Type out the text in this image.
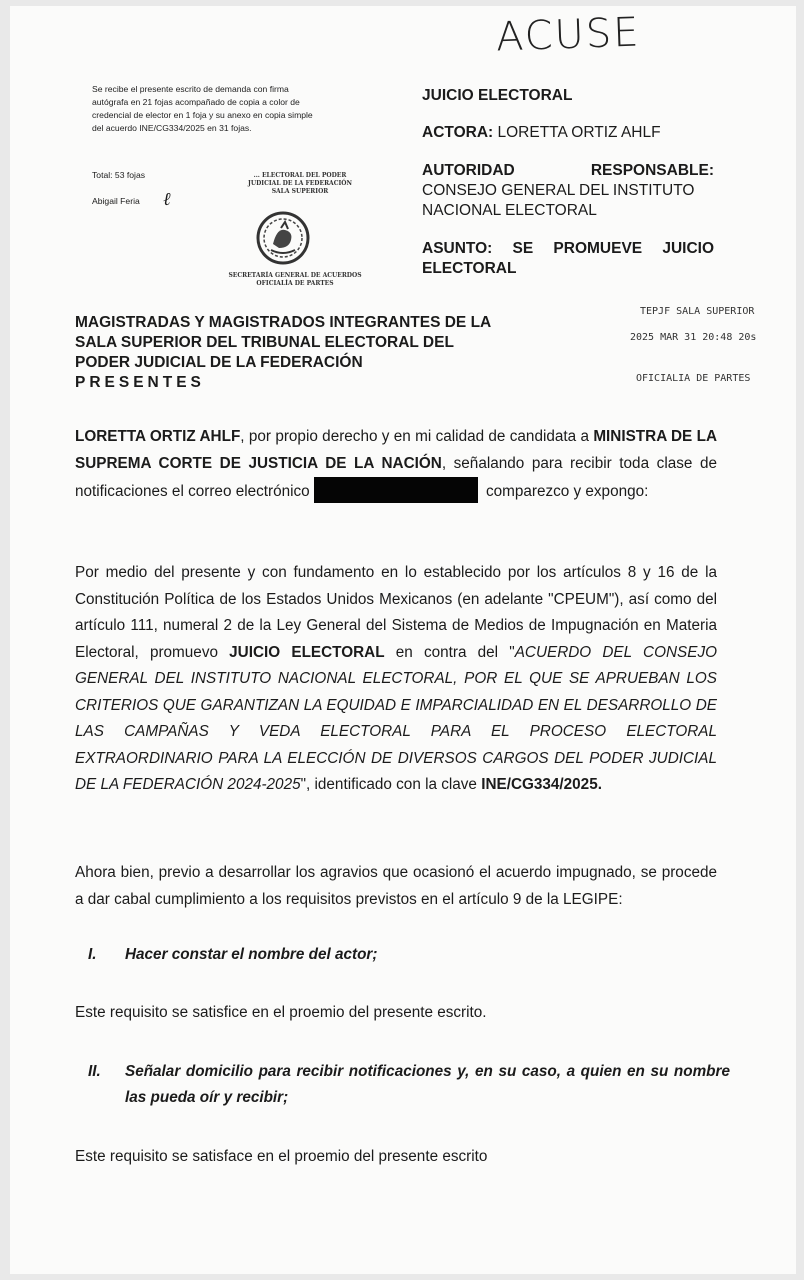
ACUSE
Se recibe el presente escrito de demanda con firma autógrafa en 21 fojas acompañado de copia a color de credencial de elector en 1 foja y su anexo en copia simple del acuerdo INE/CG334/2025 en 31 fojas.
Total: 53 fojas
Abigail Feria ℓ
... ELECTORAL DEL PODER
JUDICIAL DE LA FEDERACIÓN
SALA SUPERIOR
SECRETARÍA GENERAL DE ACUERDOS
OFICIALÍA DE PARTES
JUICIO ELECTORAL
ACTORA: LORETTA ORTIZ AHLF
AUTORIDAD	RESPONSABLE:
CONSEJO GENERAL DEL INSTITUTO NACIONAL ELECTORAL
ASUNTO: SE PROMUEVE JUICIO ELECTORAL
MAGISTRADAS Y MAGISTRADOS INTEGRANTES DE LA
SALA SUPERIOR DEL TRIBUNAL ELECTORAL DEL
PODER JUDICIAL DE LA FEDERACIÓN
PRESENTES
TEPJF SALA SUPERIOR
2025 MAR 31 20:48 20s
OFICIALIA DE PARTES
LORETTA ORTIZ AHLF, por propio derecho y en mi calidad de candidata a MINISTRA DE LA SUPREMA CORTE DE JUSTICIA DE LA NACIÓN, señalando para recibir toda clase de notificaciones el correo electrónico	comparezco y expongo:
Por medio del presente y con fundamento en lo establecido por los artículos 8 y 16 de la Constitución Política de los Estados Unidos Mexicanos (en adelante "CPEUM"), así como del artículo 111, numeral 2 de la Ley General del Sistema de Medios de Impugnación en Materia Electoral, promuevo JUICIO ELECTORAL en contra del "ACUERDO DEL CONSEJO GENERAL DEL INSTITUTO NACIONAL ELECTORAL, POR EL QUE SE APRUEBAN LOS CRITERIOS QUE GARANTIZAN LA EQUIDAD E IMPARCIALIDAD EN EL DESARROLLO DE LAS CAMPAÑAS Y VEDA ELECTORAL PARA EL PROCESO ELECTORAL EXTRAORDINARIO PARA LA ELECCIÓN DE DIVERSOS CARGOS DEL PODER JUDICIAL DE LA FEDERACIÓN 2024-2025", identificado con la clave INE/CG334/2025.
Ahora bien, previo a desarrollar los agravios que ocasionó el acuerdo impugnado, se procede a dar cabal cumplimiento a los requisitos previstos en el artículo 9 de la LEGIPE:
I. Hacer constar el nombre del actor;
Este requisito se satisfice en el proemio del presente escrito.
II. Señalar domicilio para recibir notificaciones y, en su caso, a quien en su nombre las pueda oír y recibir;
Este requisito se satisface en el proemio del presente escrito
